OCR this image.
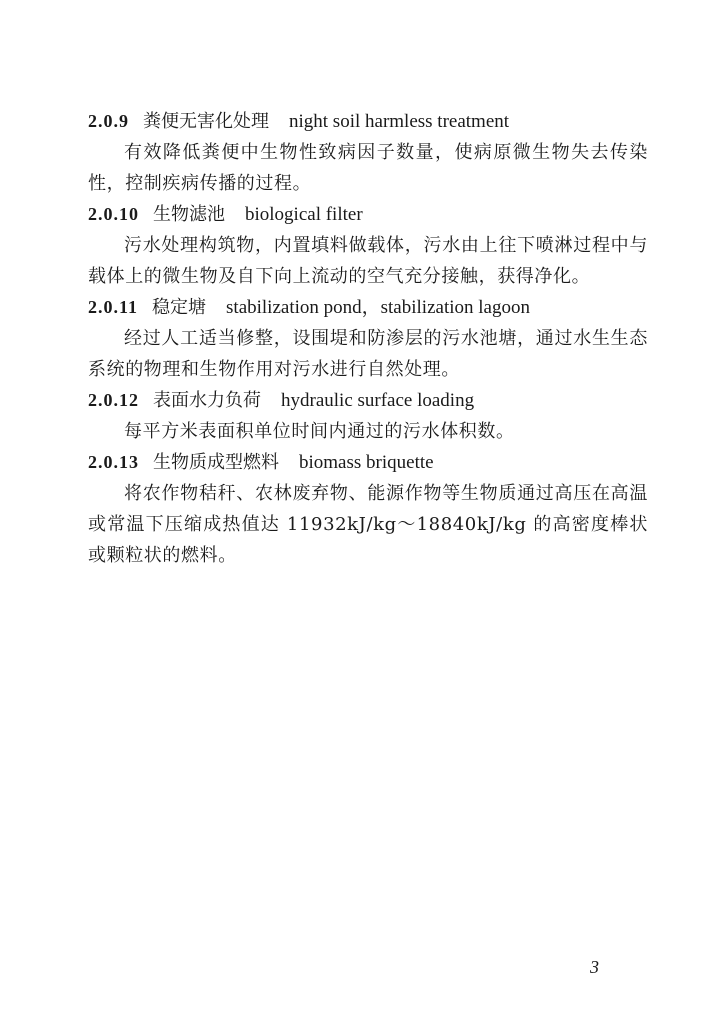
2.0.9 粪便无害化处理 night soil harmless treatment

有效降低粪便中生物性致病因子数量，使病原微生物失去传染性，控制疾病传播的过程。

2.0.10 生物滤池 biological filter

污水处理构筑物，内置填料做载体，污水由上往下喷淋过程中与载体上的微生物及自下向上流动的空气充分接触，获得净化。

2.0.11 稳定塘 stabilization pond，stabilization lagoon

经过人工适当修整，设围堤和防渗层的污水池塘，通过水生生态系统的物理和生物作用对污水进行自然处理。

2.0.12 表面水力负荷 hydraulic surface loading

每平方米表面积单位时间内通过的污水体积数。

2.0.13 生物质成型燃料 biomass briquette

将农作物秸秆、农林废弃物、能源作物等生物质通过高压在高温或常温下压缩成热值达 11932kJ/kg～18840kJ/kg 的高密度棒状或颗粒状的燃料。

3
